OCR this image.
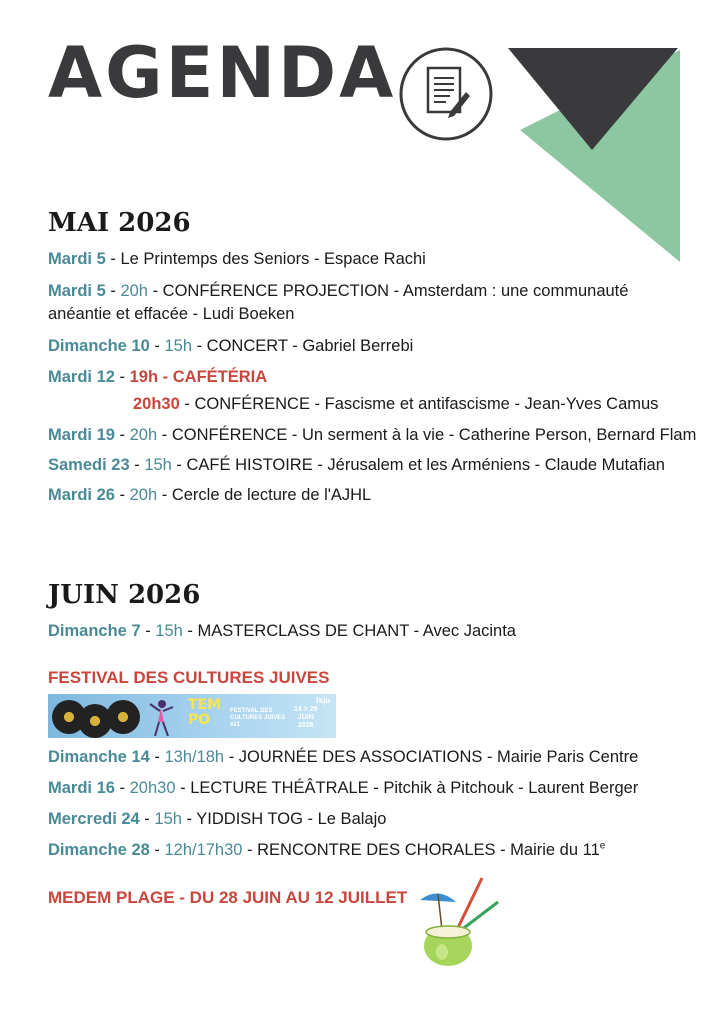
AGENDA
MAI 2026
Mardi 5 - Le Printemps des Seniors - Espace Rachi
Mardi 5 - 20h - CONFÉRENCE PROJECTION - Amsterdam : une communauté anéantie et effacée - Ludi Boeken
Dimanche 10 - 15h - CONCERT - Gabriel Berrebi
Mardi 12 - 19h - CAFÉTÉRIA
20h30 - CONFÉRENCE - Fascisme et antifascisme - Jean-Yves Camus
Mardi 19 - 20h - CONFÉRENCE - Un serment à la vie - Catherine Person, Bernard Flam
Samedi 23 - 15h - CAFÉ HISTOIRE - Jérusalem et les Arméniens - Claude Mutafian
Mardi 26 - 20h - Cercle de lecture de l'AJHL
JUIN 2026
Dimanche 7 - 15h - MASTERCLASS DE CHANT - Avec Jacinta
FESTIVAL DES CULTURES JUIVES
TEM
PO
FESTIVAL DES CULTURES JUIVES #21
14 > 29
JUIN
2026
fsju
Dimanche 14 - 13h/18h - JOURNÉE DES ASSOCIATIONS - Mairie Paris Centre
Mardi 16 - 20h30 - LECTURE THÉÂTRALE - Pitchik à Pitchouk - Laurent Berger
Mercredi 24 - 15h - YIDDISH TOG - Le Balajo
Dimanche 28 - 12h/17h30 - RENCONTRE DES CHORALES - Mairie du 11e
MEDEM PLAGE - DU 28 JUIN AU 12 JUILLET
